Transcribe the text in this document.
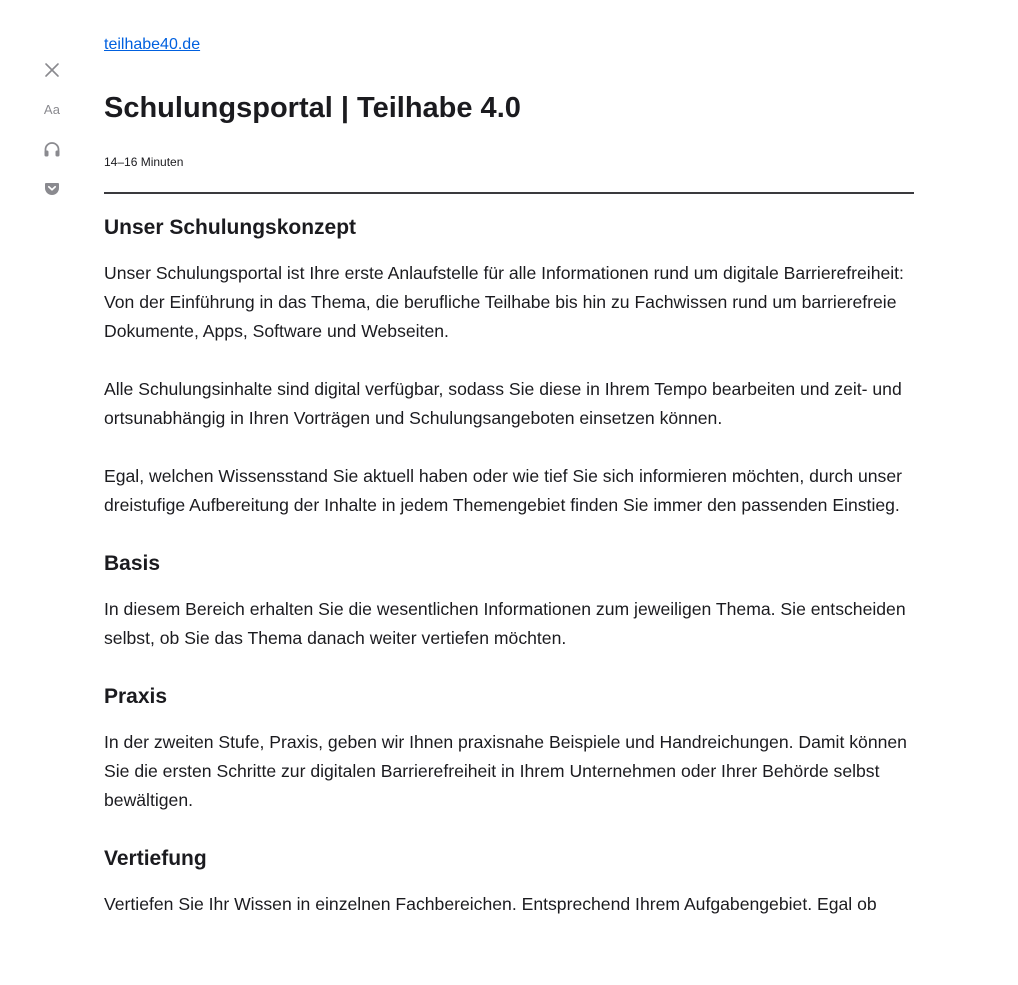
Aa
teilhabe40.de
Schulungsportal | Teilhabe 4.0
14–16 Minuten
Unser Schulungskonzept

Unser Schulungsportal ist Ihre erste Anlaufstelle für alle Informationen rund um digitale Barrierefreiheit: Von der Einführung in das Thema, die berufliche Teilhabe bis hin zu Fachwissen rund um barrierefreie Dokumente, Apps, Software und Webseiten.

Alle Schulungsinhalte sind digital verfügbar, sodass Sie diese in Ihrem Tempo bearbeiten und zeit- und ortsunabhängig in Ihren Vorträgen und Schulungsangeboten einsetzen können.

Egal, welchen Wissensstand Sie aktuell haben oder wie tief Sie sich informieren möchten, durch unser dreistufige Aufbereitung der Inhalte in jedem Themengebiet finden Sie immer den passenden Einstieg.

Basis

In diesem Bereich erhalten Sie die wesentlichen Informationen zum jeweiligen Thema. Sie entscheiden selbst, ob Sie das Thema danach weiter vertiefen möchten.

Praxis

In der zweiten Stufe, Praxis, geben wir Ihnen praxisnahe Beispiele und Handreichungen. Damit können Sie die ersten Schritte zur digitalen Barrierefreiheit in Ihrem Unternehmen oder Ihrer Behörde selbst bewältigen.

Vertiefung

Vertiefen Sie Ihr Wissen in einzelnen Fachbereichen. Entsprechend Ihrem Aufgabengebiet. Egal ob
